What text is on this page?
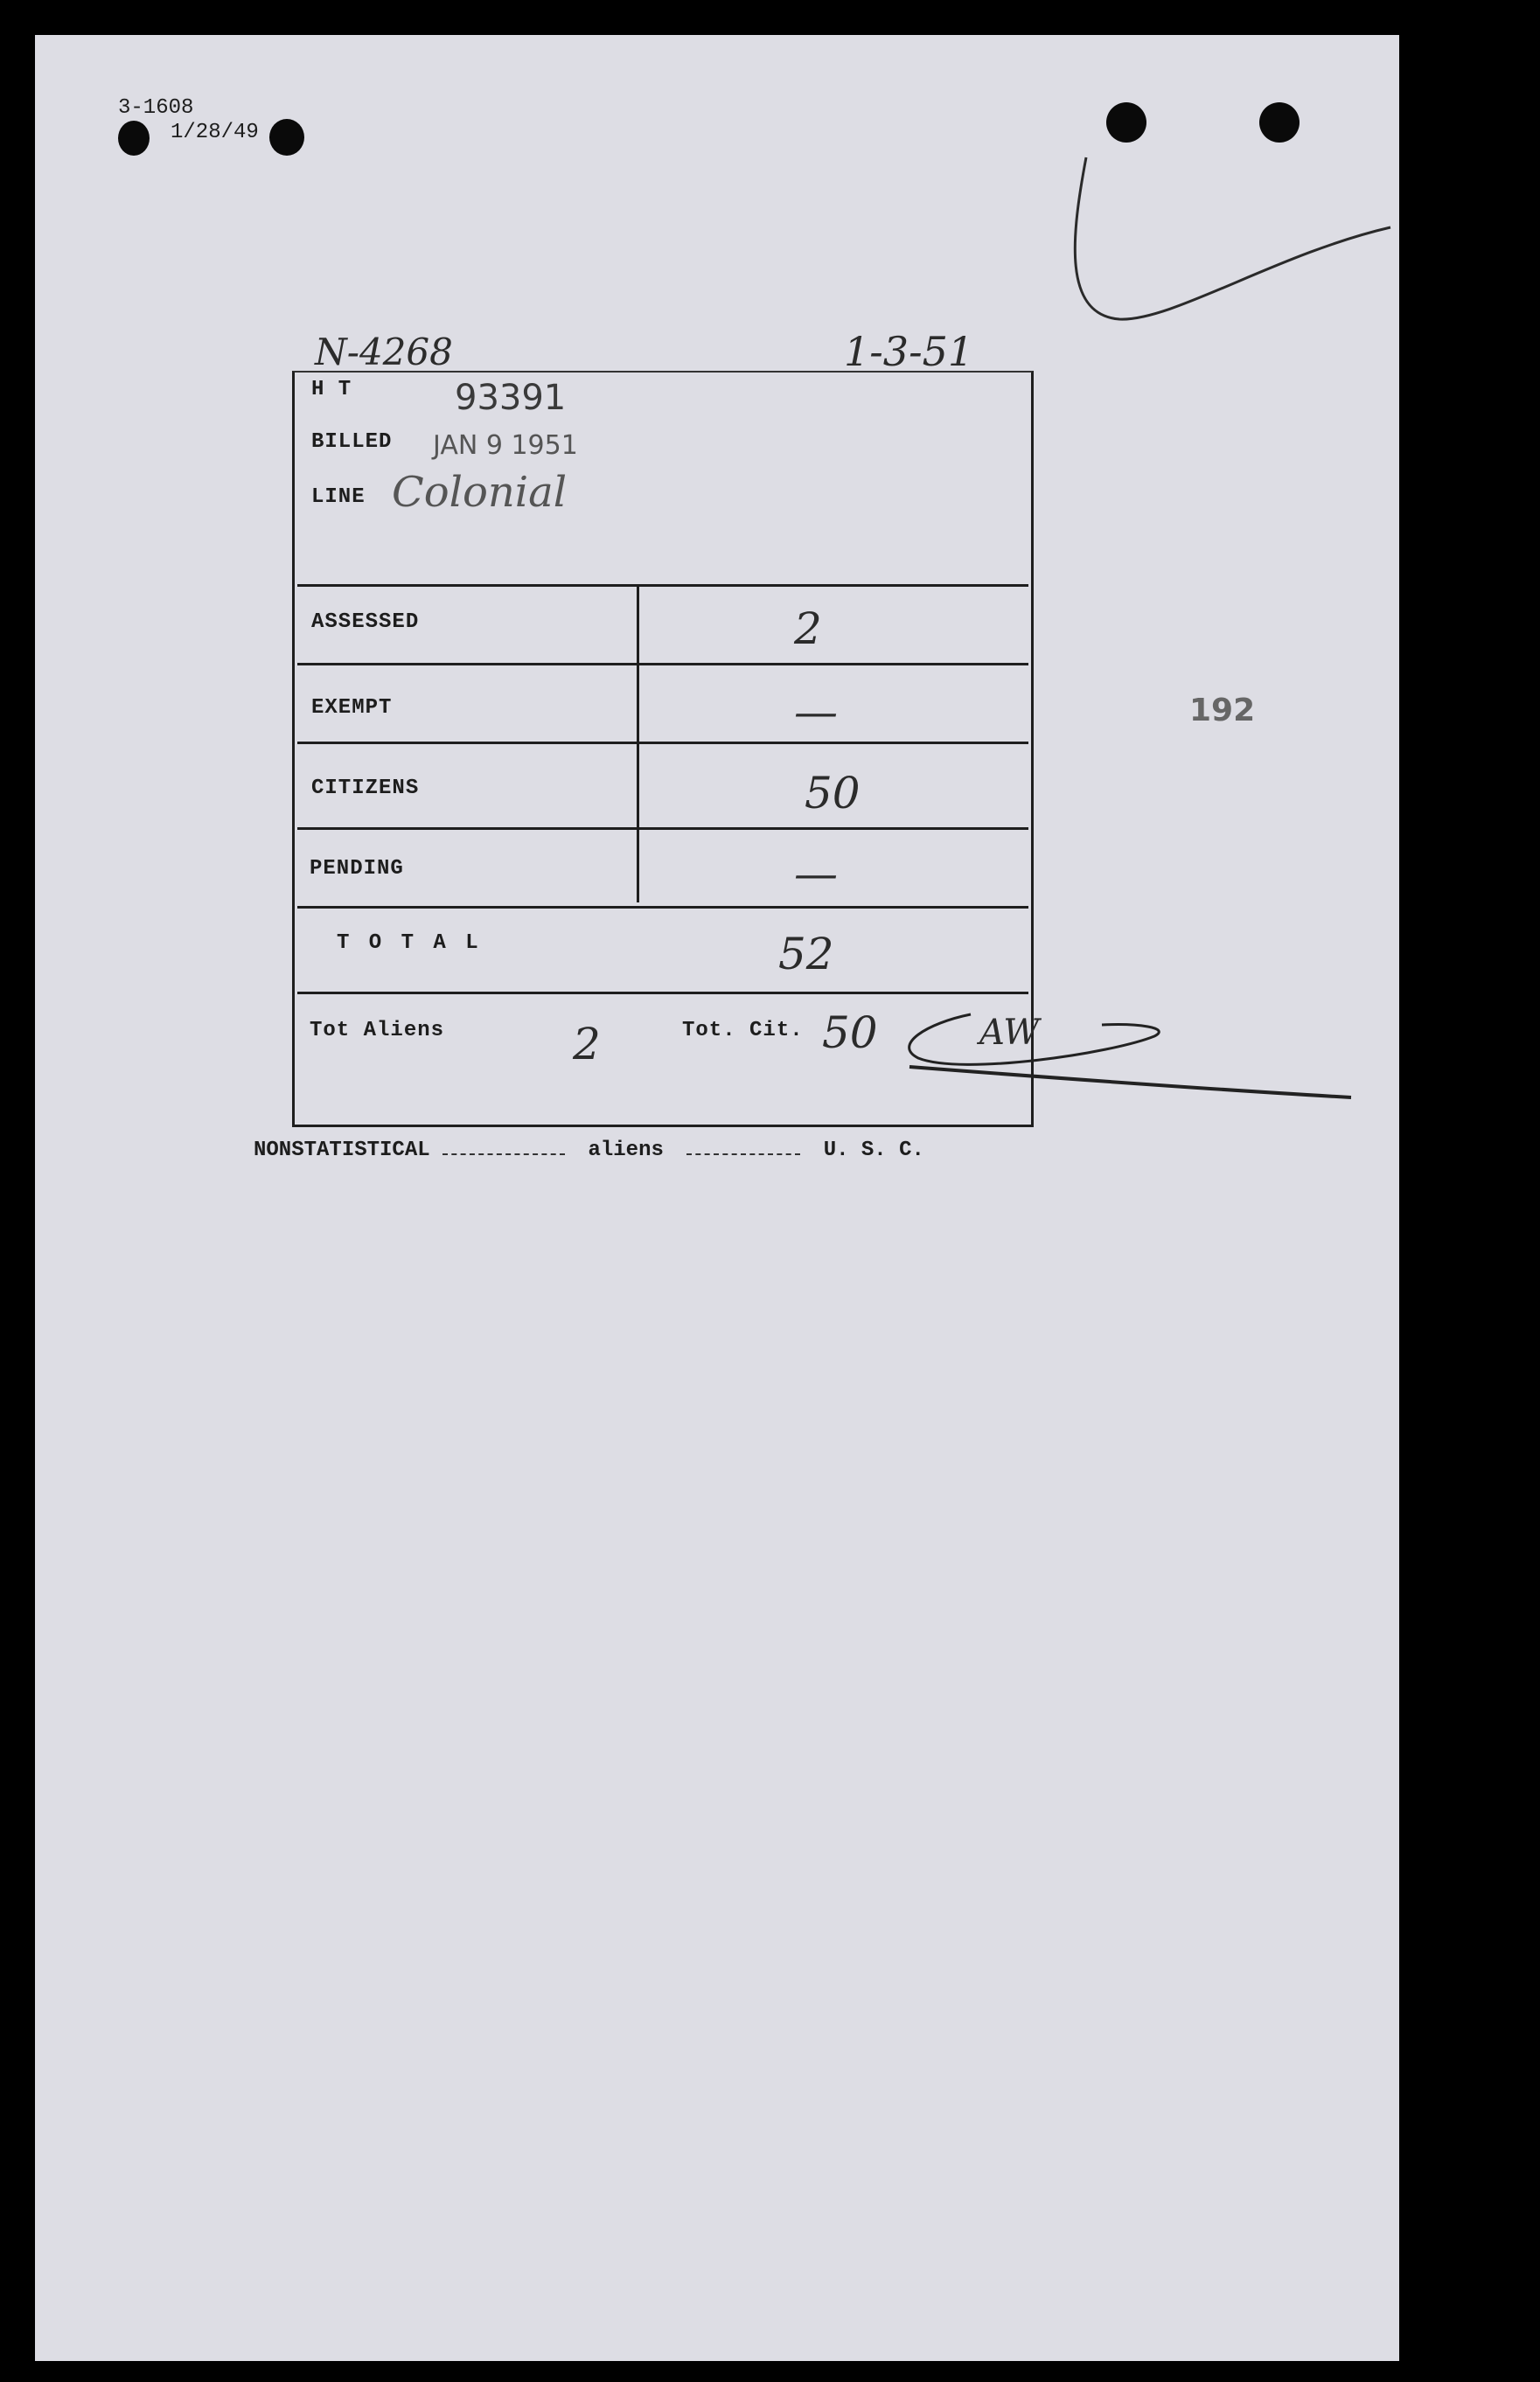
3-1608
1/28/49
N-4268	1-3-51
H T	93391
BILLED JAN 9 1951
LINE Colonial
ASSESSED	2
EXEMPT	—
CITIZENS	50
PENDING	—
T O T A L	52
Tot Aliens	2	Tot. Cit. 50	AW
192
NONSTATISTICAL	aliens	U. S. C.
